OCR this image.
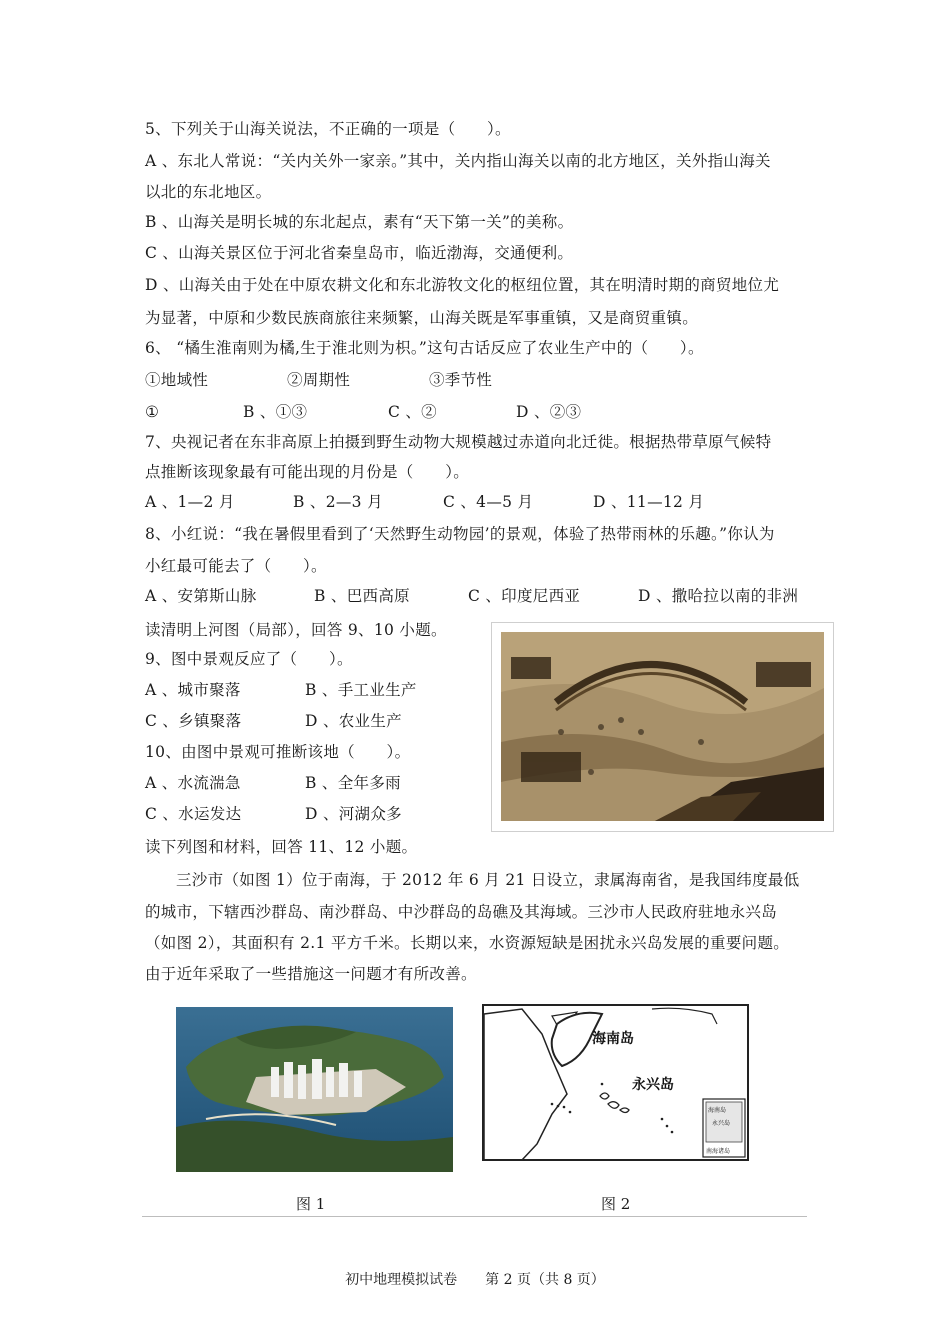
5、下列关于山海关说法，不正确的一项是（　　）。
A 、东北人常说：“关内关外一家亲。”其中，关内指山海关以南的北方地区，关外指山海关
以北的东北地区。
B 、山海关是明长城的东北起点，素有“天下第一关”的美称。
C 、山海关景区位于河北省秦皇岛市，临近渤海，交通便利。
D 、山海关由于处在中原农耕文化和东北游牧文化的枢纽位置，其在明清时期的商贸地位尤
为显著，中原和少数民族商旅往来频繁，山海关既是军事重镇，又是商贸重镇。
6、 “橘生淮南则为橘,生于淮北则为枳。”这句古话反应了农业生产中的（　　）。
①地域性	②周期性	③季节性
①	B 、①③	C 、②	D 、②③
7、央视记者在东非高原上拍摄到野生动物大规模越过赤道向北迁徙。根据热带草原气候特
点推断该现象最有可能出现的月份是（　　）。
A 、1—2 月	B 、2—3 月	C 、4—5 月	D 、11—12 月
8、小红说：“我在暑假里看到了‘天然野生动物园’的景观，体验了热带雨林的乐趣。”你认为
小红最可能去了（　　）。
A 、安第斯山脉	B 、巴西高原	C 、印度尼西亚	D 、撒哈拉以南的非洲
读清明上河图（局部），回答 9、10 小题。
9、图中景观反应了（　　）。
A 、城市聚落	B 、手工业生产
C 、乡镇聚落	D 、农业生产
10、由图中景观可推断该地（　　）。
A 、水流湍急	B 、全年多雨
C 、水运发达	D 、河湖众多
读下列图和材料，回答 11、12 小题。
三沙市（如图 1）位于南海，于 2012 年 6 月 21 日设立，隶属海南省，是我国纬度最低
的城市，下辖西沙群岛、南沙群岛、中沙群岛的岛礁及其海域。三沙市人民政府驻地永兴岛
（如图 2），其面积有 2.1 平方千米。长期以来，水资源短缺是困扰永兴岛发展的重要问题。
由于近年采取了一些措施这一问题才有所改善。
海南岛
永兴岛
海南岛
永兴岛
南海诸岛
图 1	图 2
初中地理模拟试卷　　第 2 页（共 8 页）
